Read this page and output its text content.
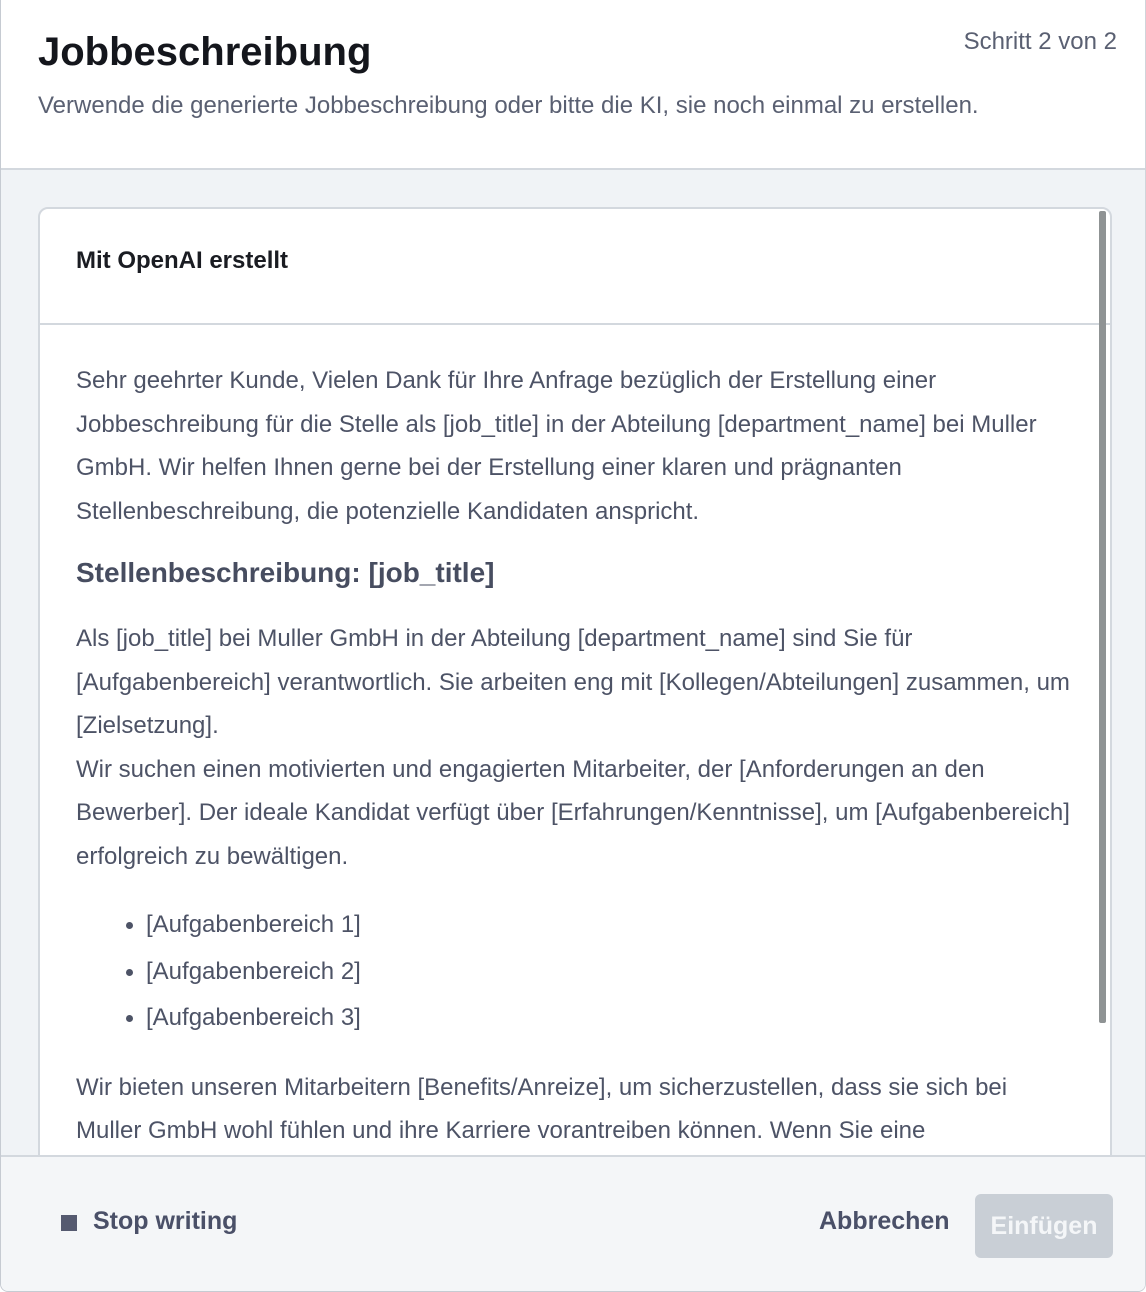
Jobbeschreibung
Verwende die generierte Jobbeschreibung oder bitte die KI, sie noch einmal zu erstellen.
Schritt 2 von 2
Mit OpenAI erstellt

Sehr geehrter Kunde, Vielen Dank für Ihre Anfrage bezüglich der Erstellung einer Jobbeschreibung für die Stelle als [job_title] in der Abteilung [department_name] bei Muller GmbH. Wir helfen Ihnen gerne bei der Erstellung einer klaren und prägnanten Stellenbeschreibung, die potenzielle Kandidaten anspricht.

Stellenbeschreibung: [job_title]

Als [job_title] bei Muller GmbH in der Abteilung [department_name] sind Sie für [Aufgabenbereich] verantwortlich. Sie arbeiten eng mit [Kollegen/Abteilungen] zusammen, um [Zielsetzung].

Wir suchen einen motivierten und engagierten Mitarbeiter, der [Anforderungen an den Bewerber]. Der ideale Kandidat verfügt über [Erfahrungen/Kenntnisse], um [Aufgabenbereich] erfolgreich zu bewältigen.

[Aufgabenbereich 1]
[Aufgabenbereich 2]
[Aufgabenbereich 3]

Wir bieten unseren Mitarbeitern [Benefits/Anreize], um sicherzustellen, dass sie sich bei Muller GmbH wohl fühlen und ihre Karriere vorantreiben können. Wenn Sie eine

Stop writing	Abbrechen	Einfügen
